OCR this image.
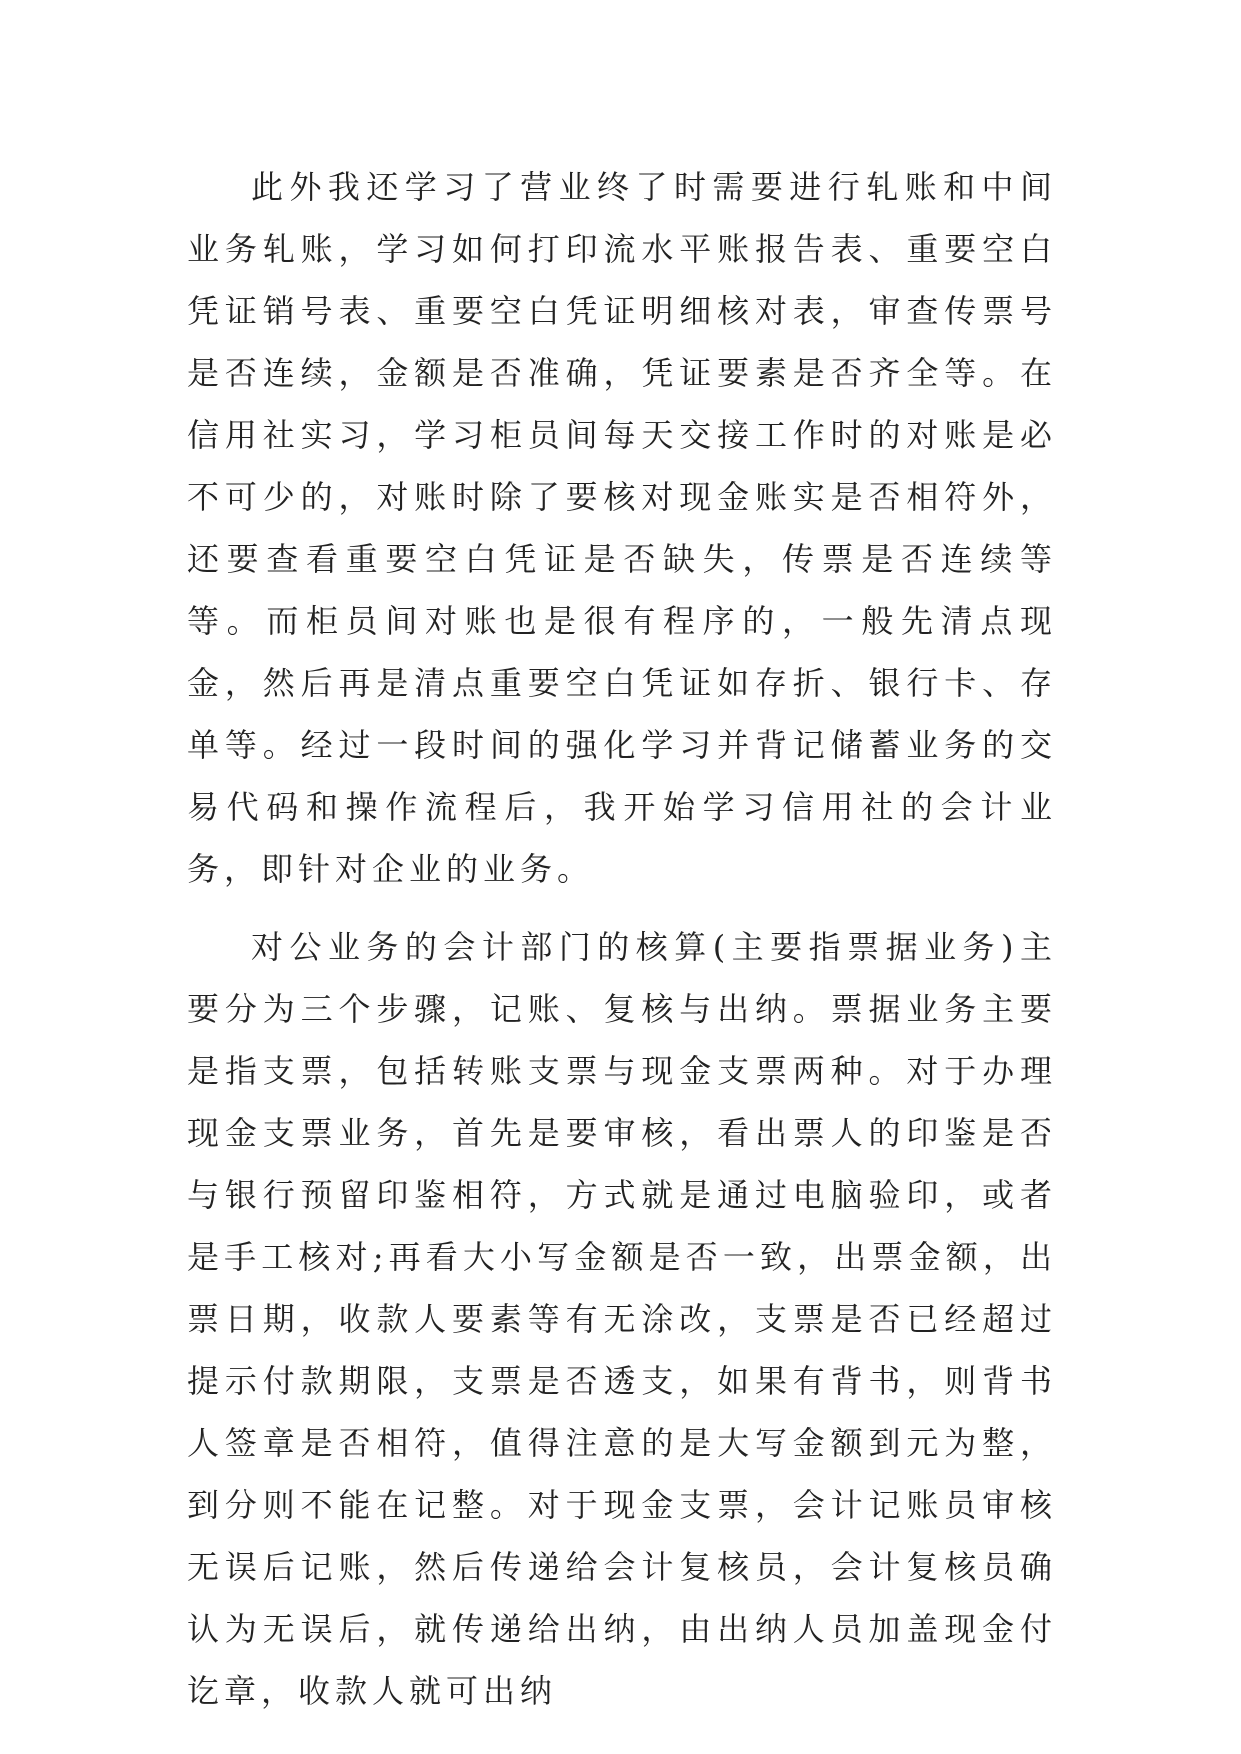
此外我还学习了营业终了时需要进行轧账和中间业务轧账，学习如何打印流水平账报告表、重要空白凭证销号表、重要空白凭证明细核对表，审查传票号是否连续，金额是否准确，凭证要素是否齐全等。在信用社实习，学习柜员间每天交接工作时的对账是必不可少的，对账时除了要核对现金账实是否相符外，还要查看重要空白凭证是否缺失，传票是否连续等等。而柜员间对账也是很有程序的，一般先清点现金，然后再是清点重要空白凭证如存折、银行卡、存单等。经过一段时间的强化学习并背记储蓄业务的交易代码和操作流程后，我开始学习信用社的会计业务，即针对企业的业务。

对公业务的会计部门的核算(主要指票据业务)主要分为三个步骤，记账、复核与出纳。票据业务主要是指支票，包括转账支票与现金支票两种。对于办理现金支票业务，首先是要审核，看出票人的印鉴是否与银行预留印鉴相符，方式就是通过电脑验印，或者是手工核对;再看大小写金额是否一致，出票金额，出票日期，收款人要素等有无涂改，支票是否已经超过提示付款期限，支票是否透支，如果有背书，则背书人签章是否相符，值得注意的是大写金额到元为整，到分则不能在记整。对于现金支票，会计记账员审核无误后记账，然后传递给会计复核员，会计复核员确认为无误后，就传递给出纳，由出纳人员加盖现金付讫章，收款人就可出纳
